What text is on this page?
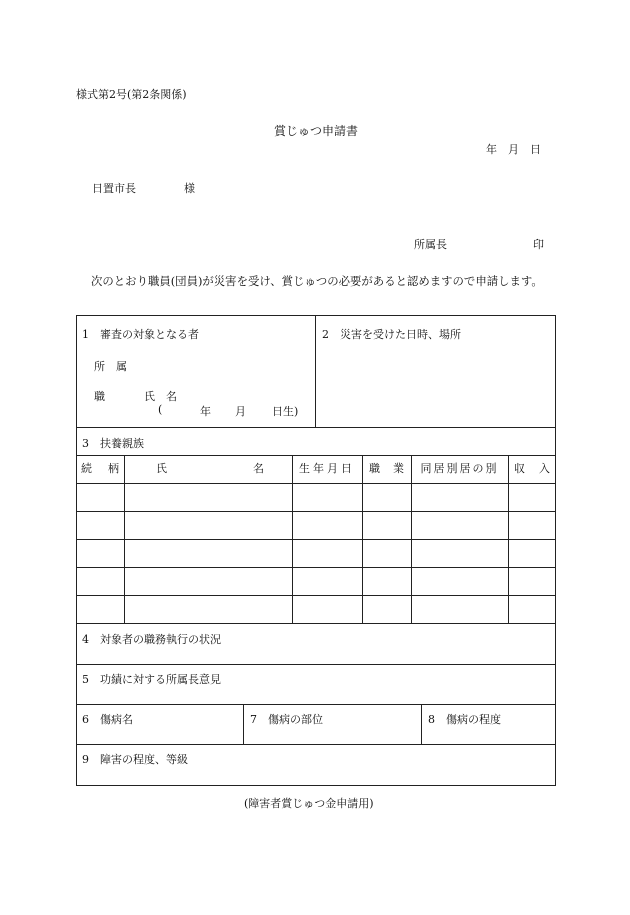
様式第2号(第2条関係)
賞じゅつ申請書
年　月　日
日置市長	様
所属長	印
次のとおり職員(団員)が災害を受け、賞じゅつの必要があると認めますので申請します。
1　審査の対象となる者
所　属
職	氏　名
(	年 月 日生)
2　災害を受けた日時、場所
3　扶養親族
続 柄	氏	名	生年月日	職 業	同居別居の別	収 入
4　対象者の職務執行の状況
5　功績に対する所属長意見
6　傷病名	7　傷病の部位	8　傷病の程度
9　障害の程度、等級
(障害者賞じゅつ金申請用)
